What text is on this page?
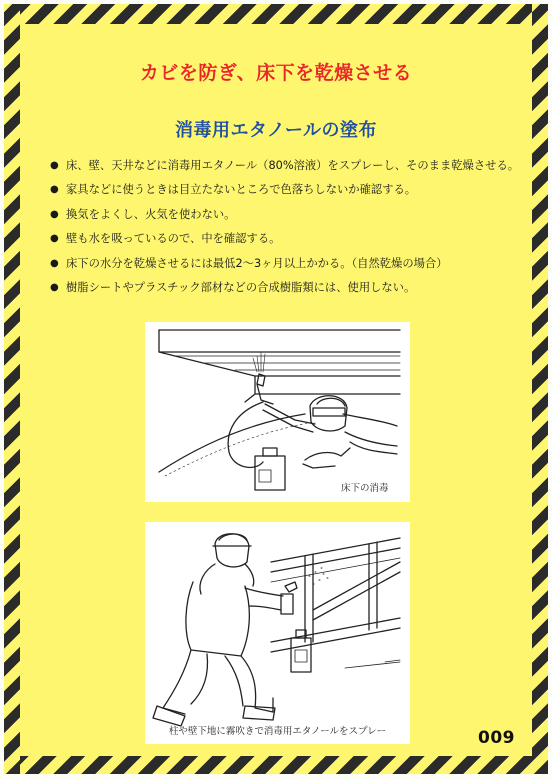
カビを防ぎ、床下を乾燥させる
消毒用エタノールの塗布
● 床、壁、天井などに消毒用エタノール（80%溶液）をスプレーし、そのまま乾燥させる。
● 家具などに使うときは目立たないところで色落ちしないか確認する。
● 換気をよくし、火気を使わない。
● 壁も水を吸っているので、中を確認する。
● 床下の水分を乾燥させるには最低2～3ヶ月以上かかる。（自然乾燥の場合）
● 樹脂シートやプラスチック部材などの合成樹脂類には、使用しない。
床下の消毒
柱や壁下地に霧吹きで消毒用エタノールをスプレー	009
